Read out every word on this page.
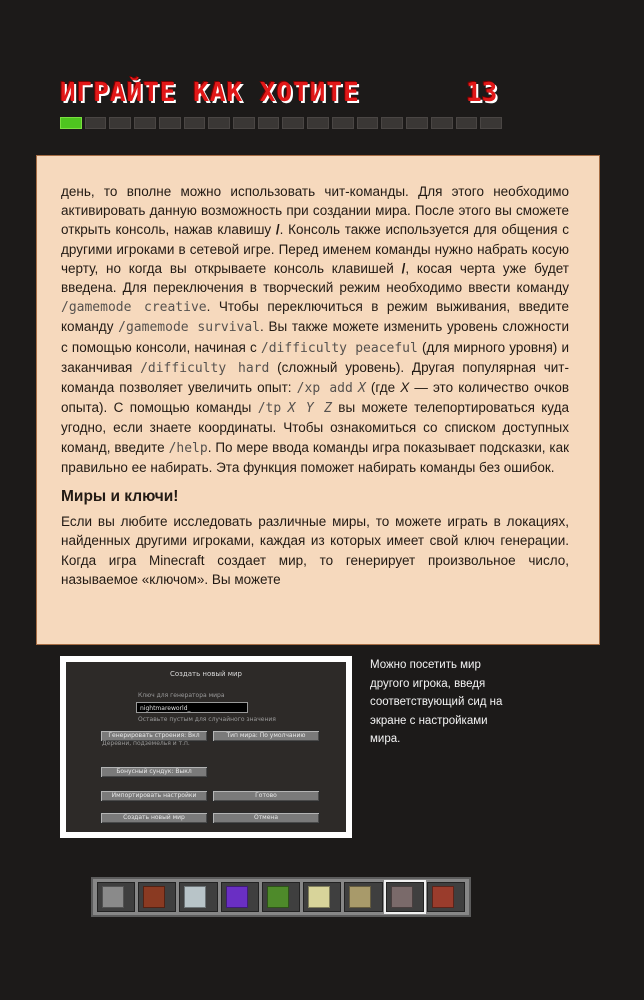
ИГРАЙТЕ КАК ХОТИТЕ	13

день, то вполне можно использовать чит-команды. Для этого необходимо активировать данную возможность при создании мира. После этого вы сможете открыть консоль, нажав клавишу /. Консоль также используется для общения с другими игроками в сетевой игре. Перед именем команды нужно набрать косую черту, но когда вы открываете консоль клавишей /, косая черта уже будет введена. Для переключения в творческий режим необходимо ввести команду /gamemode creative. Чтобы переключиться в режим выживания, введите команду /gamemode survival. Вы также можете изменить уровень сложности с помощью консоли, начиная с /difficulty peaceful (для мирного уровня) и заканчивая /difficulty hard (сложный уровень). Другая популярная чит-команда позволяет увеличить опыт: /xp add X (где X — это количество очков опыта). С помощью команды /tp X Y Z вы можете телепортироваться куда угодно, если знаете координаты. Чтобы ознакомиться со списком доступных команд, введите /help. По мере ввода команды игра показывает подсказки, как правильно ее набирать. Эта функция поможет набирать команды без ошибок.

Миры и ключи!

Если вы любите исследовать различные миры, то можете играть в локациях, найденных другими игроками, каждая из которых имеет свой ключ генерации. Когда игра Minecraft создает мир, то генерирует произвольное число, называемое «ключом». Вы можете

Создать новый мир
Ключ для генератора мира
nightmareworld_
Оставьте пустым для случайного значения
Генерировать строения: Вкл	Тип мира: По умолчанию
Деревни, подземелья и т.п.
Бонусный сундук: Выкл
Импортировать настройки	Готово
Создать новый мир	Отмена
Можно посетить мир другого игрока, введя соответствующий сид на экране с настройками мира.
